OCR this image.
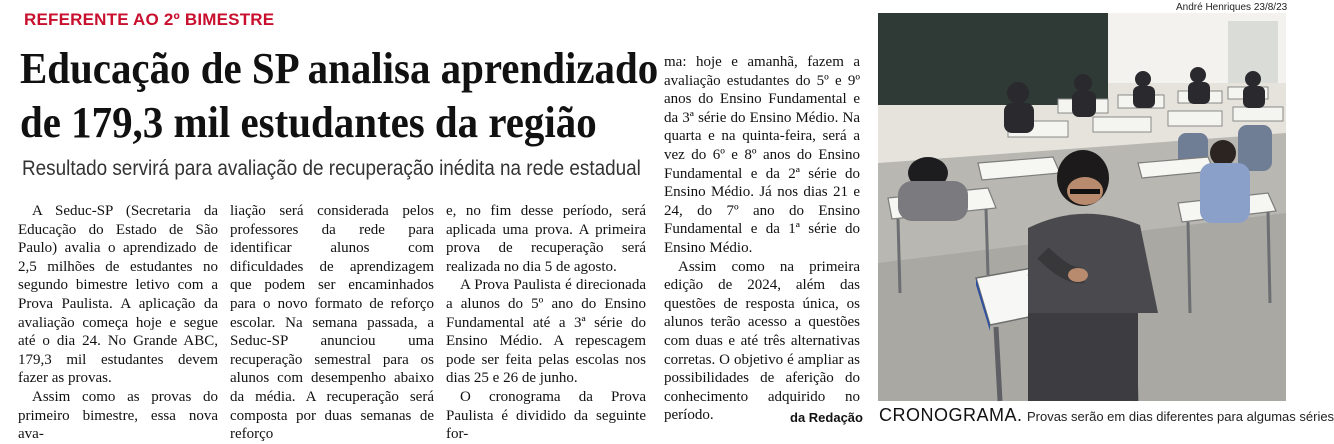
REFERENTE AO 2º BIMESTRE
Educação de SP analisa aprendizado
de 179,3 mil estudantes da região
Resultado servirá para avaliação de recuperação inédita na rede estadual

A Seduc-SP (Secretaria da Educação do Estado de São Paulo) avalia o aprendizado de 2,5 milhões de estudantes no segundo bimestre letivo com a Prova Paulista. A aplicação da avaliação começa hoje e segue até o dia 24. No Grande ABC, 179,3 mil estudantes devem fazer as provas.

Assim como as provas do primeiro bimestre, essa nova ava-

liação será considerada pelos professores da rede para identificar alunos com dificuldades de aprendizagem que podem ser encaminhados para o novo formato de reforço escolar. Na semana passada, a Seduc-SP anunciou uma recuperação semestral para os alunos com desempenho abaixo da média. A recuperação será composta por duas semanas de reforço

e, no fim desse período, será aplicada uma prova. A primeira prova de recuperação será realizada no dia 5 de agosto.

A Prova Paulista é direcionada a alunos do 5º ano do Ensino Fundamental até a 3ª série do Ensino Médio. A repescagem pode ser feita pelas escolas nos dias 25 e 26 de junho.

O cronograma da Prova Paulista é dividido da seguinte for-

ma: hoje e amanhã, fazem a avaliação estudantes do 5º e 9º anos do Ensino Fundamental e da 3ª série do Ensino Médio. Na quarta e na quinta-feira, será a vez do 6º e 8º anos do Ensino Fundamental e da 2ª série do Ensino Médio. Já nos dias 21 e 24, do 7º ano do Ensino Fundamental e da 1ª série do Ensino Médio.

Assim como na primeira edição de 2024, além das questões de resposta única, os alunos terão acesso a questões com duas e até três alternativas corretas. O objetivo é ampliar as possibilidades de aferição do conhecimento adquirido no período.	da Redação
André Henriques 23/8/23
CRONOGRAMA. Provas serão em dias diferentes para algumas séries
